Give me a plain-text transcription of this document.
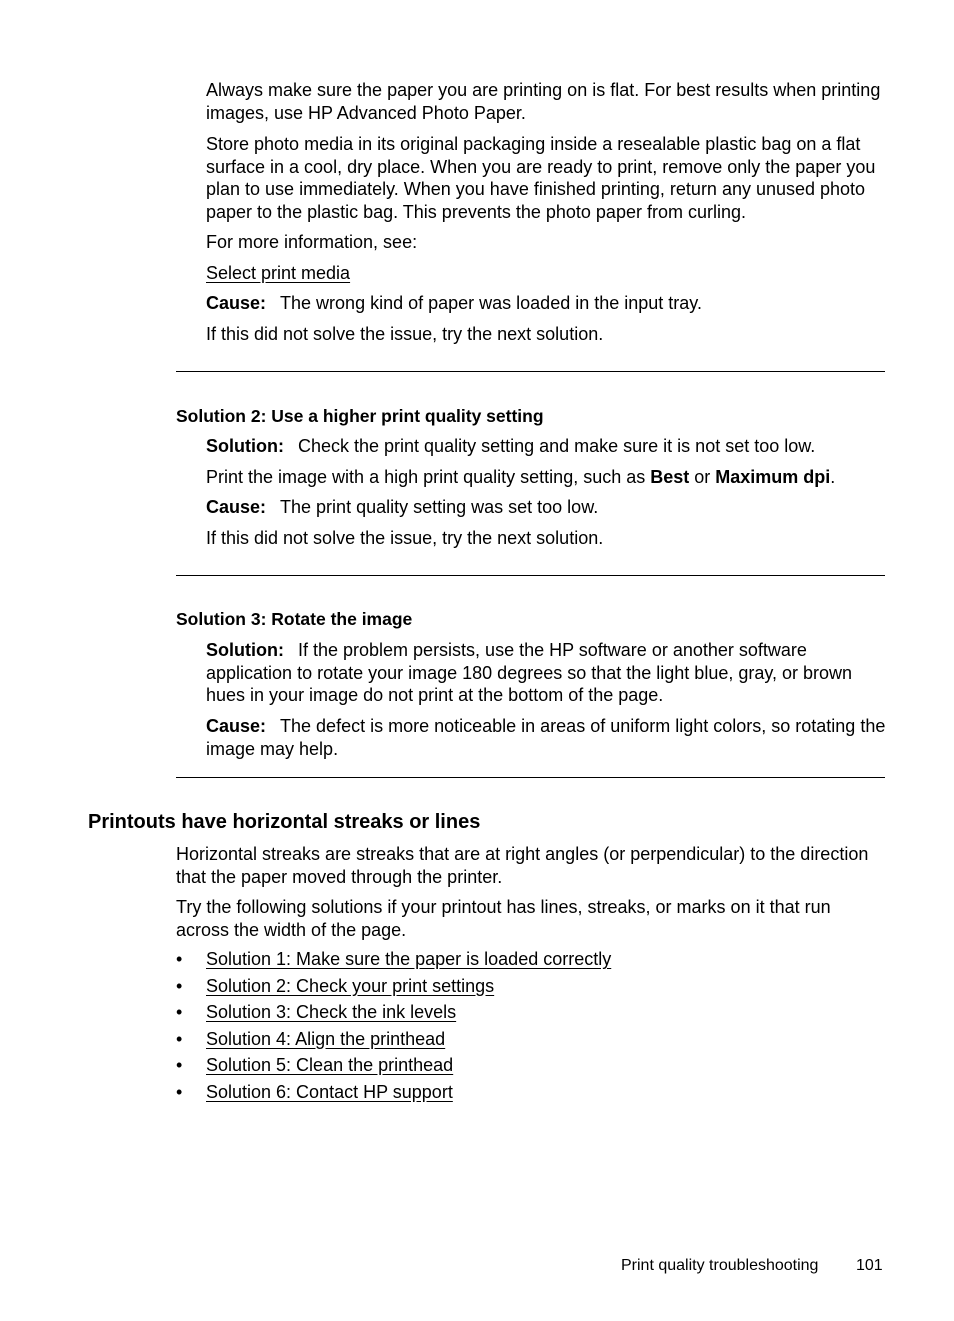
Always make sure the paper you are printing on is flat. For best results when printing images, use HP Advanced Photo Paper.

Store photo media in its original packaging inside a resealable plastic bag on a flat surface in a cool, dry place. When you are ready to print, remove only the paper you plan to use immediately. When you have finished printing, return any unused photo paper to the plastic bag. This prevents the photo paper from curling.

For more information, see:

Select print media

Cause: The wrong kind of paper was loaded in the input tray.

If this did not solve the issue, try the next solution.

Solution 2: Use a higher print quality setting

Solution: Check the print quality setting and make sure it is not set too low.

Print the image with a high print quality setting, such as Best or Maximum dpi.

Cause: The print quality setting was set too low.

If this did not solve the issue, try the next solution.

Solution 3: Rotate the image

Solution: If the problem persists, use the HP software or another software application to rotate your image 180 degrees so that the light blue, gray, or brown hues in your image do not print at the bottom of the page.

Cause: The defect is more noticeable in areas of uniform light colors, so rotating the image may help.

Printouts have horizontal streaks or lines

Horizontal streaks are streaks that are at right angles (or perpendicular) to the direction that the paper moved through the printer.

Try the following solutions if your printout has lines, streaks, or marks on it that run across the width of the page.

• Solution 1: Make sure the paper is loaded correctly
• Solution 2: Check your print settings
• Solution 3: Check the ink levels
• Solution 4: Align the printhead
• Solution 5: Clean the printhead
• Solution 6: Contact HP support
Print quality troubleshooting 101
